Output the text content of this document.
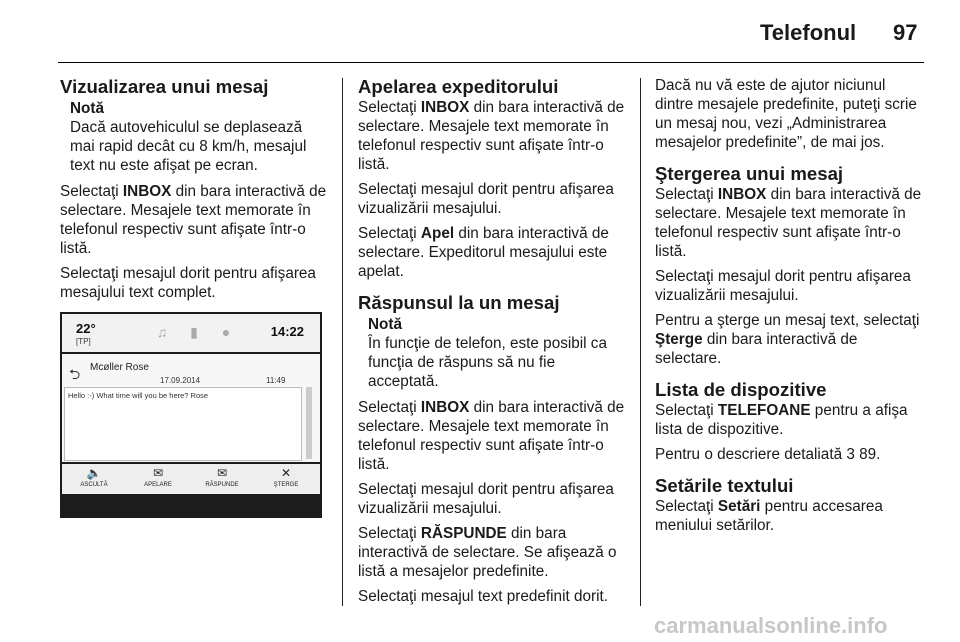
Telefonul 97
Vizualizarea unui mesaj
Notă
Dacă autovehiculul se deplasează mai rapid decât cu 8 km/h, mesajul text nu este afişat pe ecran.

Selectaţi INBOX din bara interactivă de selectare. Mesajele text memorate în telefonul respectiv sunt afişate într-o listă.

Selectaţi mesajul dorit pentru afişarea mesajului text complet.

22°
[TP]
♫ ▮ ●	14:22
⮌ Mcøller Rose
17.09.2014	11:49
Hello :-) What time will you be here? Rose
🔈
ASCULTĂ
✉
APELARE
✉
RĂSPUNDE
✕
ŞTERGE
Apelarea expeditorului

Selectaţi INBOX din bara interactivă de selectare. Mesajele text memorate în telefonul respectiv sunt afişate într-o listă.

Selectaţi mesajul dorit pentru afişarea vizualizării mesajului.

Selectaţi Apel din bara interactivă de selectare. Expeditorul mesajului este apelat.

Răspunsul la un mesaj
Notă
În funcţie de telefon, este posibil ca funcţia de răspuns să nu fie acceptată.

Selectaţi INBOX din bara interactivă de selectare. Mesajele text memorate în telefonul respectiv sunt afişate într-o listă.

Selectaţi mesajul dorit pentru afişarea vizualizării mesajului.

Selectaţi RĂSPUNDE din bara interactivă de selectare. Se afişează o listă a mesajelor predefinite.

Selectaţi mesajul text predefinit dorit.

Dacă nu vă este de ajutor niciunul dintre mesajele predefinite, puteţi scrie un mesaj nou, vezi „Administrarea mesajelor predefinite”, de mai jos.

Ştergerea unui mesaj

Selectaţi INBOX din bara interactivă de selectare. Mesajele text memorate în telefonul respectiv sunt afişate într-o listă.

Selectaţi mesajul dorit pentru afişarea vizualizării mesajului.

Pentru a şterge un mesaj text, selectaţi Şterge din bara interactivă de selectare.

Lista de dispozitive

Selectaţi TELEFOANE pentru a afişa lista de dispozitive.

Pentru o descriere detaliată 3 89.

Setările textului

Selectaţi Setări pentru accesarea meniului setărilor.

carmanualsonline.info
